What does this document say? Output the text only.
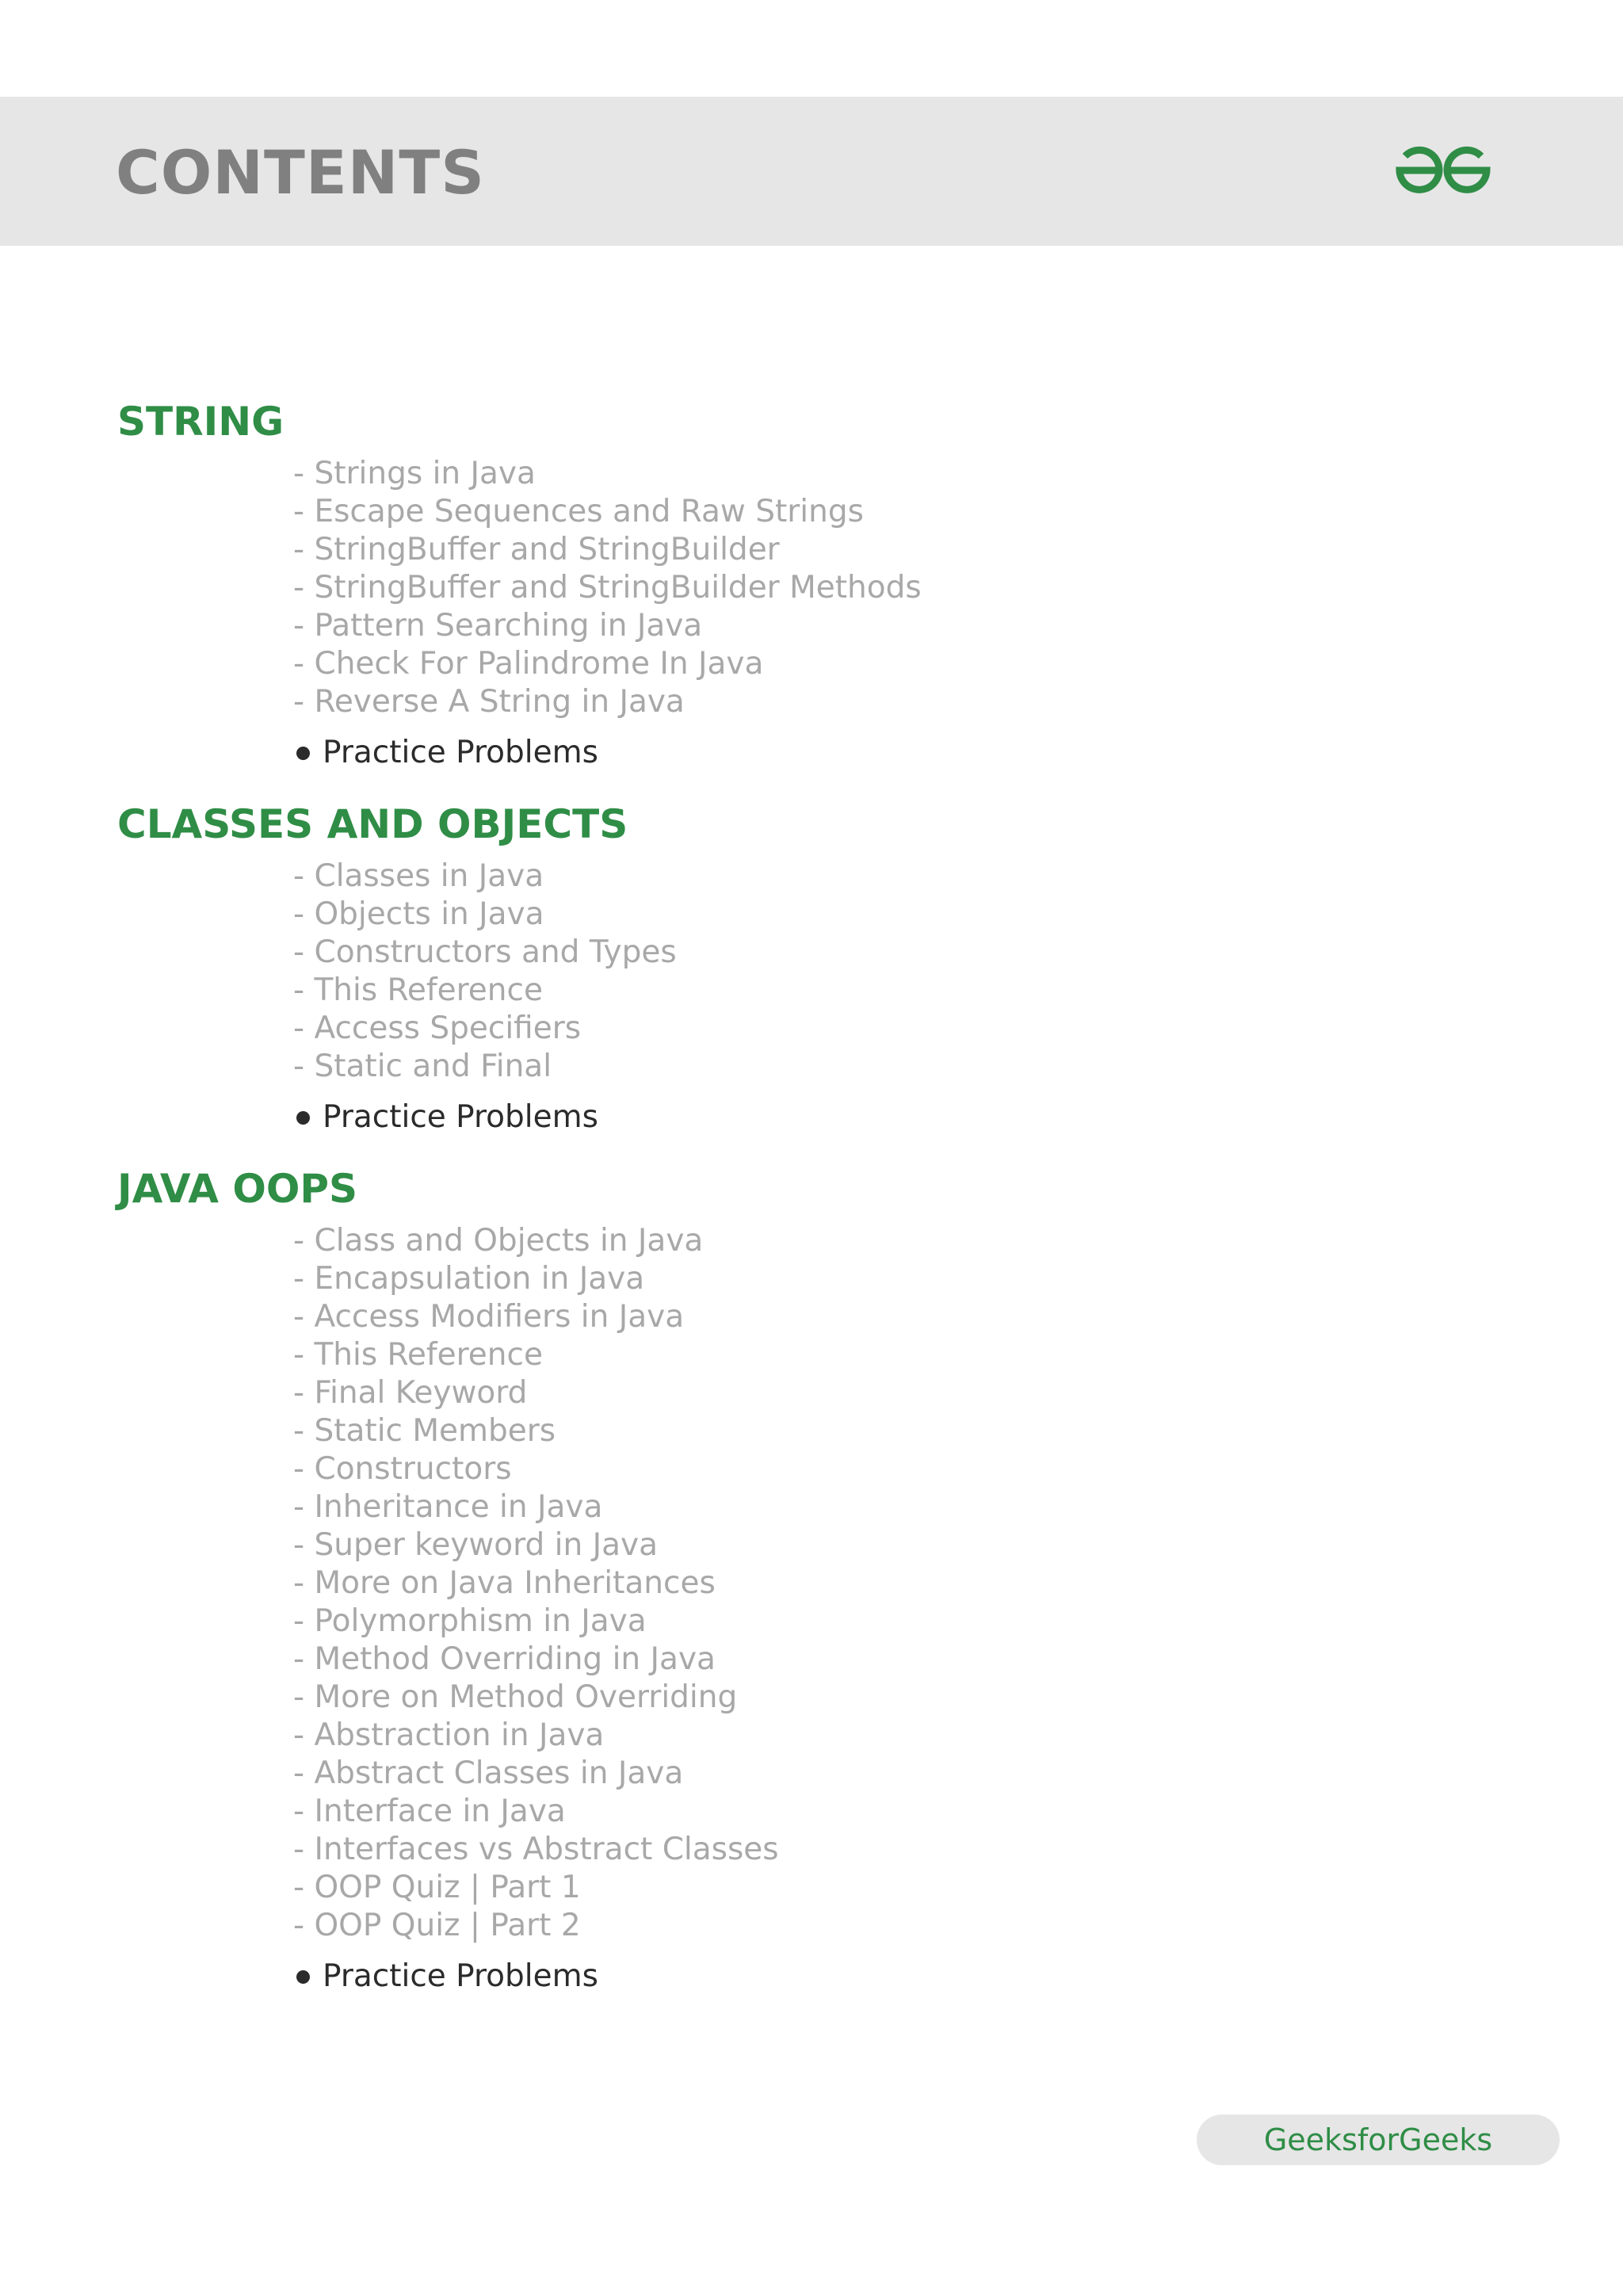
CONTENTS
STRING
- Strings in Java
- Escape Sequences and Raw Strings
- StringBuffer and StringBuilder
- StringBuffer and StringBuilder Methods
- Pattern Searching in Java
- Check For Palindrome In Java
- Reverse A String in Java
Practice Problems
CLASSES AND OBJECTS
- Classes in Java
- Objects in Java
- Constructors and Types
- This Reference
- Access Specifiers
- Static and Final
Practice Problems
JAVA OOPS
- Class and Objects in Java
- Encapsulation in Java
- Access Modifiers in Java
- This Reference
- Final Keyword
- Static Members
- Constructors
- Inheritance in Java
- Super keyword in Java
- More on Java Inheritances
- Polymorphism in Java
- Method Overriding in Java
- More on Method Overriding
- Abstraction in Java
- Abstract Classes in Java
- Interface in Java
- Interfaces vs Abstract Classes
- OOP Quiz | Part 1
- OOP Quiz | Part 2
Practice Problems
GeeksforGeeks
